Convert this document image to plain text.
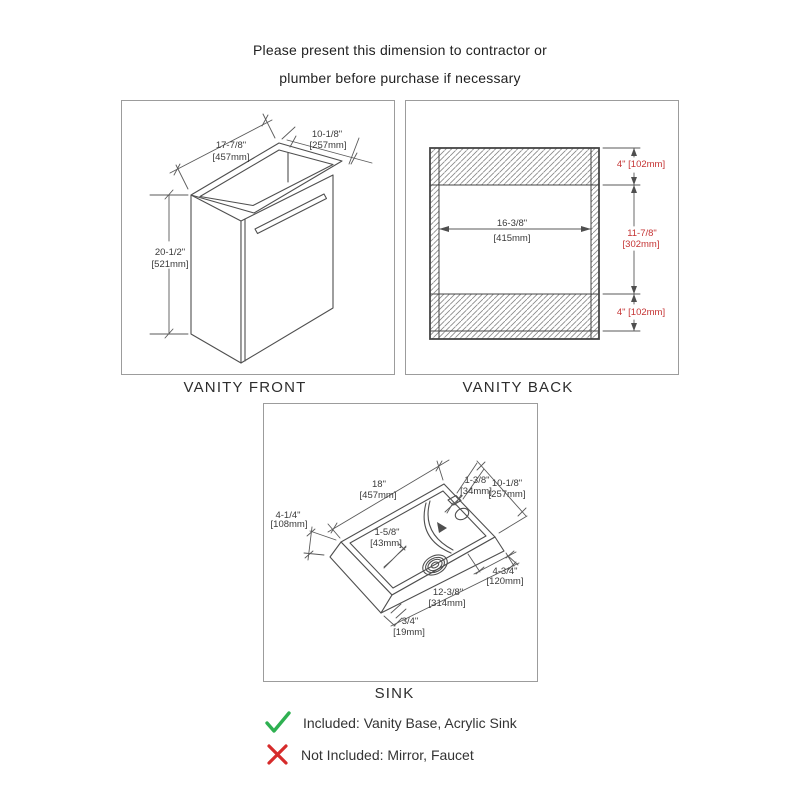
Please present this dimension to contractor or
plumber before purchase if necessary
17-7/8"
[457mm]
10-1/8"
[257mm]
20-1/2"
[521mm]
VANITY FRONT
16-3/8"
[415mm]
4" [102mm]
11-7/8"
[302mm]
4" [102mm]
VANITY BACK
18"
[457mm]
1-3/8"
[34mm]
10-1/8"
[257mm]
4-1/4"
[108mm]
1-5/8"
[43mm]
4-3/4"
[120mm]
12-3/8"
[314mm]
3/4"
[19mm]
SINK
Included: Vanity Base, Acrylic Sink
Not Included: Mirror, Faucet
